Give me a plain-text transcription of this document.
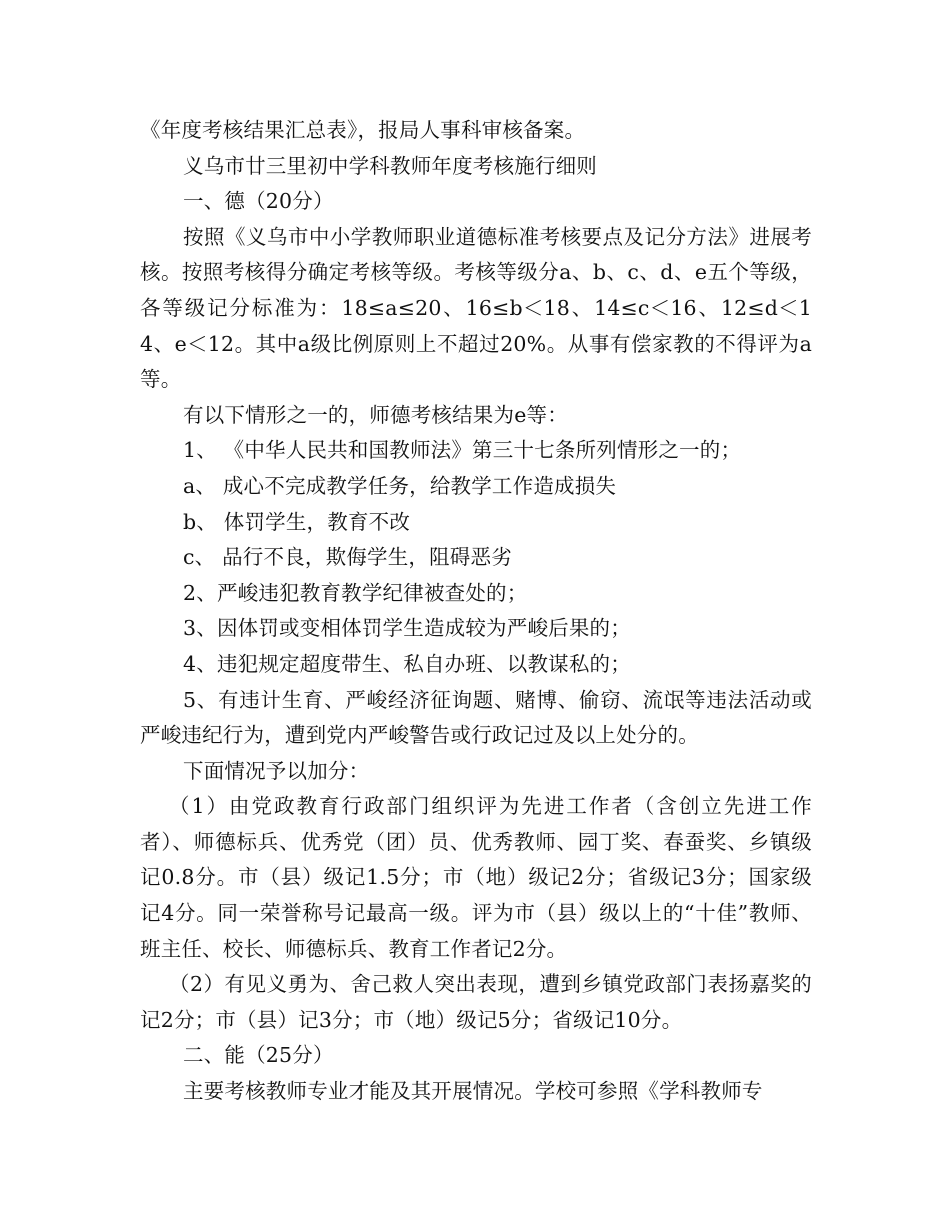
《年度考核结果汇总表》，报局人事科审核备案。

义乌市廿三里初中学科教师年度考核施行细则

一、德（20分）

按照《义乌市中小学教师职业道德标准考核要点及记分方法》进展考核。按照考核得分确定考核等级。考核等级分a、b、c、d、e五个等级，各等级记分标准为：18≤a≤20、16≤b＜18、14≤c＜16、12≤d＜14、e＜12。其中a级比例原则上不超过20%。从事有偿家教的不得评为a等。

有以下情形之一的，师德考核结果为e等：

1、 《中华人民共和国教师法》第三十七条所列情形之一的；

a、 成心不完成教学任务，给教学工作造成损失

b、 体罚学生，教育不改

c、 品行不良，欺侮学生，阻碍恶劣

2、严峻违犯教育教学纪律被查处的；

3、因体罚或变相体罚学生造成较为严峻后果的；

4、违犯规定超度带生、私自办班、以教谋私的；

5、有违计生育、严峻经济征询题、赌博、偷窃、流氓等违法活动或严峻违纪行为，遭到党内严峻警告或行政记过及以上处分的。

下面情况予以加分：

（1）由党政教育行政部门组织评为先进工作者（含创立先进工作者）、师德标兵、优秀党（团）员、优秀教师、园丁奖、春蚕奖、乡镇级记0.8分。市（县）级记1.5分；市（地）级记2分；省级记3分；国家级记4分。同一荣誉称号记最高一级。评为市（县）级以上的“十佳”教师、班主任、校长、师德标兵、教育工作者记2分。

（2）有见义勇为、舍己救人突出表现，遭到乡镇党政部门表扬嘉奖的记2分；市（县）记3分；市（地）级记5分；省级记10分。

二、能（25分）

主要考核教师专业才能及其开展情况。学校可参照《学科教师专
